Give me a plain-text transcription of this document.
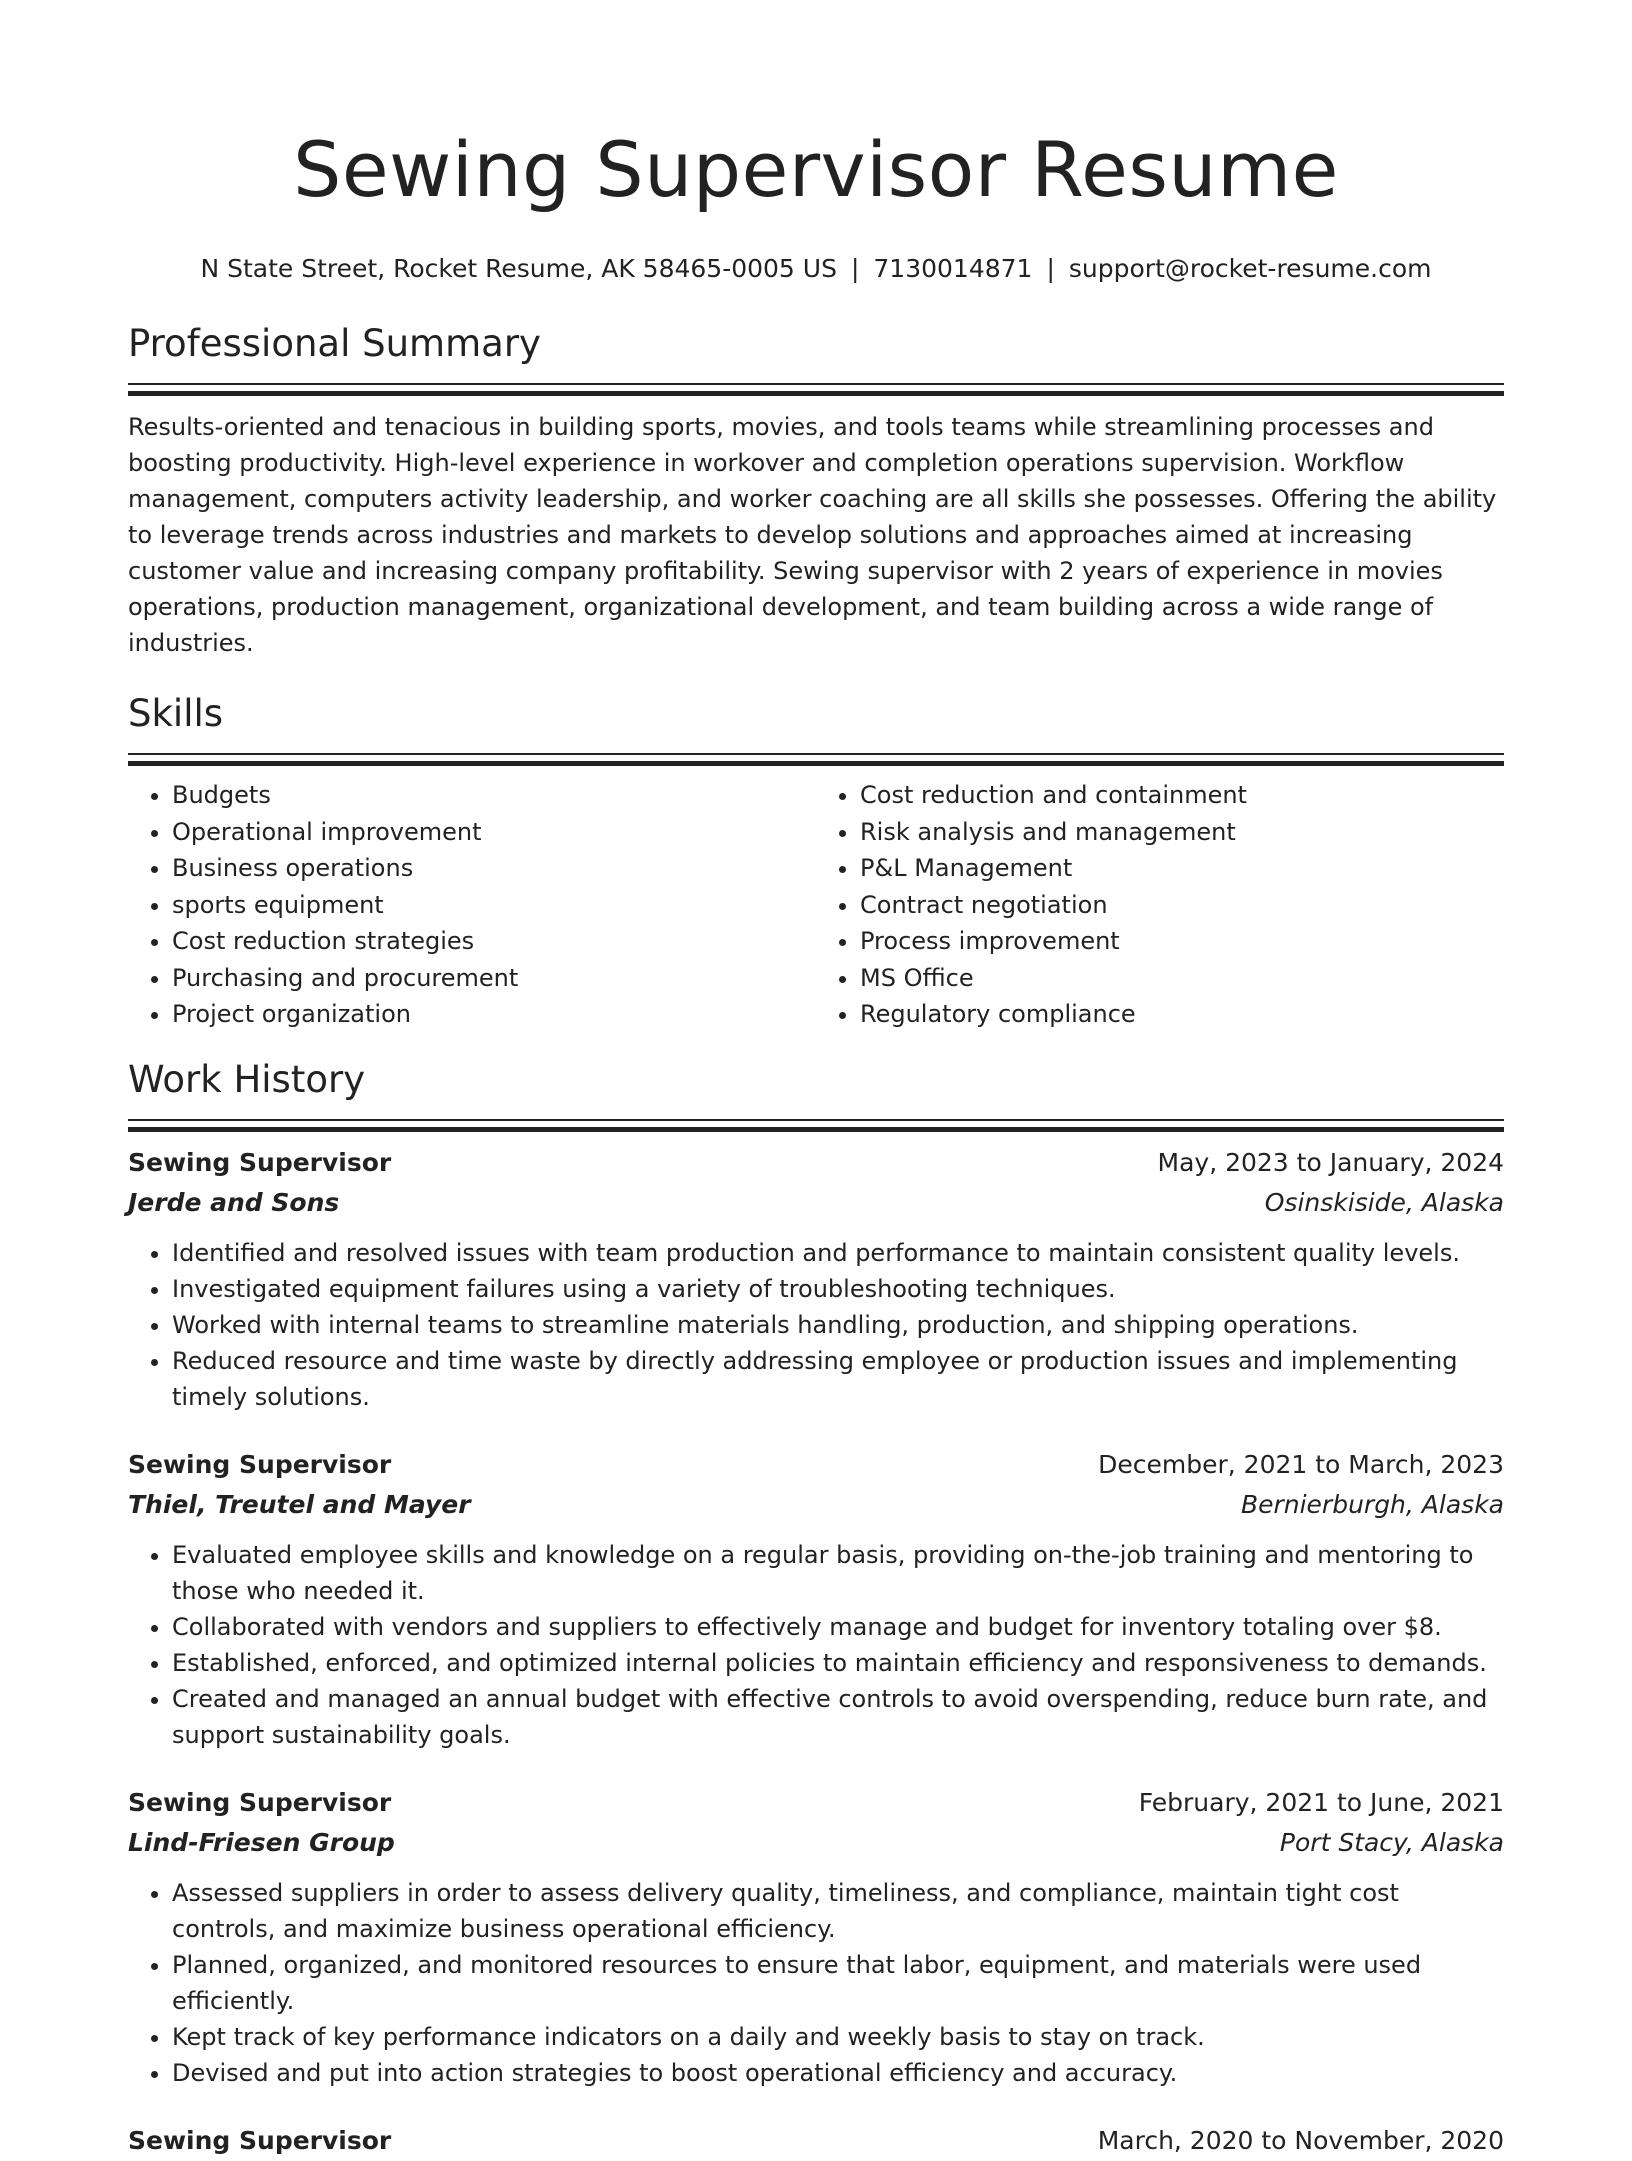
Sewing Supervisor Resume
N State Street, Rocket Resume, AK 58465-0005 US | 7130014871 | support@rocket-resume.com
Professional Summary
Results-oriented and tenacious in building sports, movies, and tools teams while streamlining processes and boosting productivity. High-level experience in workover and completion operations supervision. Workflow management, computers activity leadership, and worker coaching are all skills she possesses. Offering the ability to leverage trends across industries and markets to develop solutions and approaches aimed at increasing customer value and increasing company profitability. Sewing supervisor with 2 years of experience in movies operations, production management, organizational development, and team building across a wide range of industries.
Skills
• Budgets
• Operational improvement
• Business operations
• sports equipment
• Cost reduction strategies
• Purchasing and procurement
• Project organization
• Cost reduction and containment
• Risk analysis and management
• P&L Management
• Contract negotiation
• Process improvement
• MS Office
• Regulatory compliance
Work History
Sewing Supervisor	May, 2023 to January, 2024
Jerde and Sons	Osinskiside, Alaska
• Identified and resolved issues with team production and performance to maintain consistent quality levels.
• Investigated equipment failures using a variety of troubleshooting techniques.
• Worked with internal teams to streamline materials handling, production, and shipping operations.
• Reduced resource and time waste by directly addressing employee or production issues and implementing timely solutions.
Sewing Supervisor	December, 2021 to March, 2023
Thiel, Treutel and Mayer	Bernierburgh, Alaska
• Evaluated employee skills and knowledge on a regular basis, providing on-the-job training and mentoring to those who needed it.
• Collaborated with vendors and suppliers to effectively manage and budget for inventory totaling over $8.
• Established, enforced, and optimized internal policies to maintain efficiency and responsiveness to demands.
• Created and managed an annual budget with effective controls to avoid overspending, reduce burn rate, and support sustainability goals.
Sewing Supervisor	February, 2021 to June, 2021
Lind-Friesen Group	Port Stacy, Alaska
• Assessed suppliers in order to assess delivery quality, timeliness, and compliance, maintain tight cost controls, and maximize business operational efficiency.
• Planned, organized, and monitored resources to ensure that labor, equipment, and materials were used efficiently.
• Kept track of key performance indicators on a daily and weekly basis to stay on track.
• Devised and put into action strategies to boost operational efficiency and accuracy.
Sewing Supervisor	March, 2020 to November, 2020
